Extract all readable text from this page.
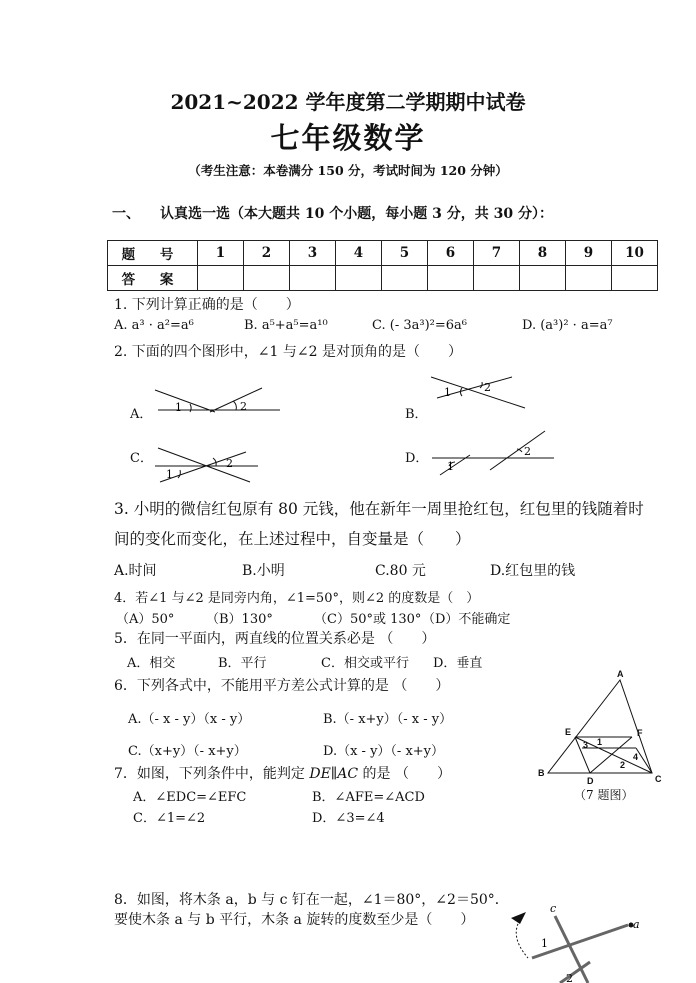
2021~2022 学年度第二学期期中试卷
七年级数学
（考生注意：本卷满分 150 分，考试时间为 120 分钟）
一、 认真选一选（本大题共 10 个小题，每小题 3 分，共 30 分）：
题 号	1	2	3	4	5	6	7	8	9	10
答 案										
1. 下列计算正确的是（　　）
A. a³ · a²=a⁶	B. a⁵+a⁵=a¹⁰	C. (- 3a³)²=6a⁶	D. (a³)² · a=a⁷
2. 下面的四个图形中，∠1 与∠2 是对顶角的是（　　）
A．	B．
C．	D．
1	2
1	2
1
2	1
2
3. 小明的微信红包原有 80 元钱，他在新年一周里抢红包，红包里的钱随着时
间的变化而变化，在上述过程中，自变量是（　　）
A.时间	B.小明	C.80 元	D.红包里的钱
4．若∠1 与∠2 是同旁内角，∠1=50°，则∠2 的度数是（　）
（A）50° （B）130°	（C）50°或 130° （D）不能确定
5．在同一平面内，两直线的位置关系必是 （　　）
A．相交	B．平行	C．相交或平行 D．垂直
6．下列各式中，不能用平方差公式计算的是 （　　）
A.（- x - y）（x - y）	B.（- x+y）（- x - y）
C.（x+y）（- x+y）	D.（x - y）（- x+y）
7．如图，下列条件中，能判定 DE∥AC 的是 （　　）
A．∠EDC=∠EFC	B．∠AFE=∠ACD
C．∠1=∠2	D．∠3=∠4
A
B
C
D
E	F
1
2
3
4
（7 题图）
8．如图，将木条 a，b 与 c 钉在一起，∠1＝80°，∠2＝50°．
要使木条 a 与 b 平行，木条 a 旋转的度数至少是（　　）
c
a
1
2
